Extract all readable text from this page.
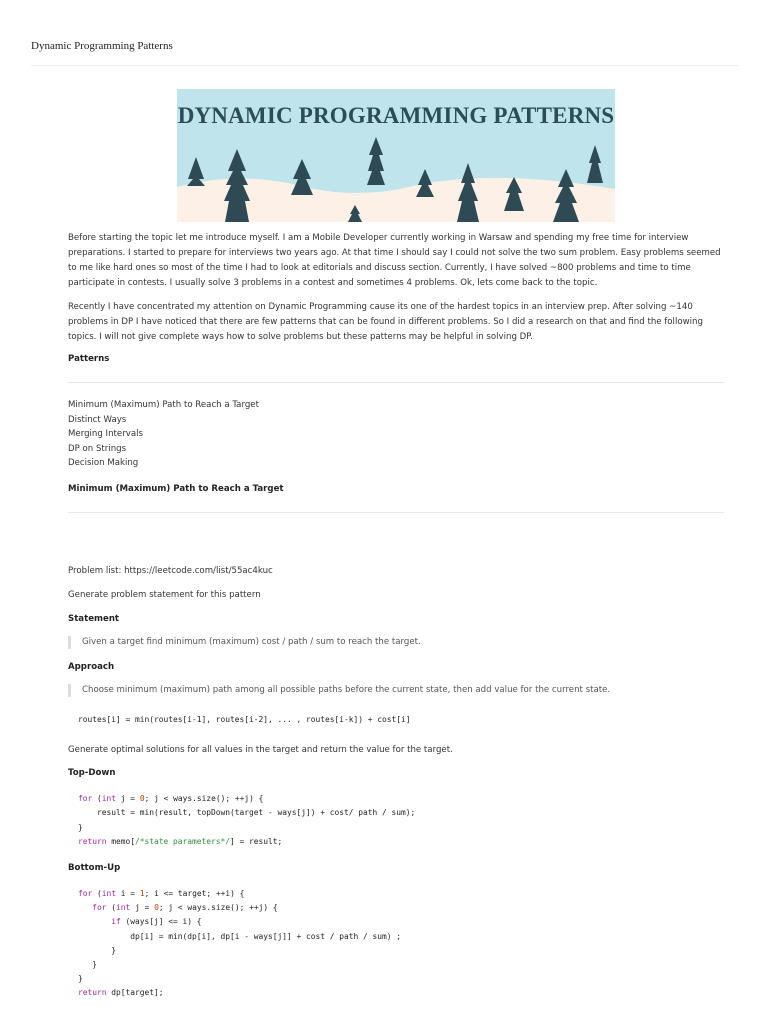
Dynamic Programming Patterns
DYNAMIC PROGRAMMING PATTERNS

Before starting the topic let me introduce myself. I am a Mobile Developer currently working in Warsaw and spending my free time for interview preparations. I started to prepare for interviews two years ago. At that time I should say I could not solve the two sum problem. Easy problems seemed to me like hard ones so most of the time I had to look at editorials and discuss section. Currently, I have solved ~800 problems and time to time participate in contests. I usually solve 3 problems in a contest and sometimes 4 problems. Ok, lets come back to the topic.

Recently I have concentrated my attention on Dynamic Programming cause its one of the hardest topics in an interview prep. After solving ~140 problems in DP I have noticed that there are few patterns that can be found in different problems. So I did a research on that and find the following topics. I will not give complete ways how to solve problems but these patterns may be helpful in solving DP.

Patterns
Minimum (Maximum) Path to Reach a Target
Distinct Ways
Merging Intervals
DP on Strings
Decision Making
Minimum (Maximum) Path to Reach a Target

Problem list: https://leetcode.com/list/55ac4kuc

Generate problem statement for this pattern

Statement
Given a target find minimum (maximum) cost / path / sum to reach the target.
Approach
Choose minimum (maximum) path among all possible paths before the current state, then add value for the current state.
routes[i] = min(routes[i-1], routes[i-2], ... , routes[i-k]) + cost[i]

Generate optimal solutions for all values in the target and return the value for the target.

Top-Down
for (int j = 0; j < ways.size(); ++j) {
result = min(result, topDown(target - ways[j]) + cost/ path / sum);
}
return memo[/*state parameters*/] = result;
Bottom-Up
for (int i = 1; i <= target; ++i) {
for (int j = 0; j < ways.size(); ++j) {
if (ways[j] <= i) {
dp[i] = min(dp[i], dp[i - ways[j]] + cost / path / sum) ;
}
}
}
return dp[target];
